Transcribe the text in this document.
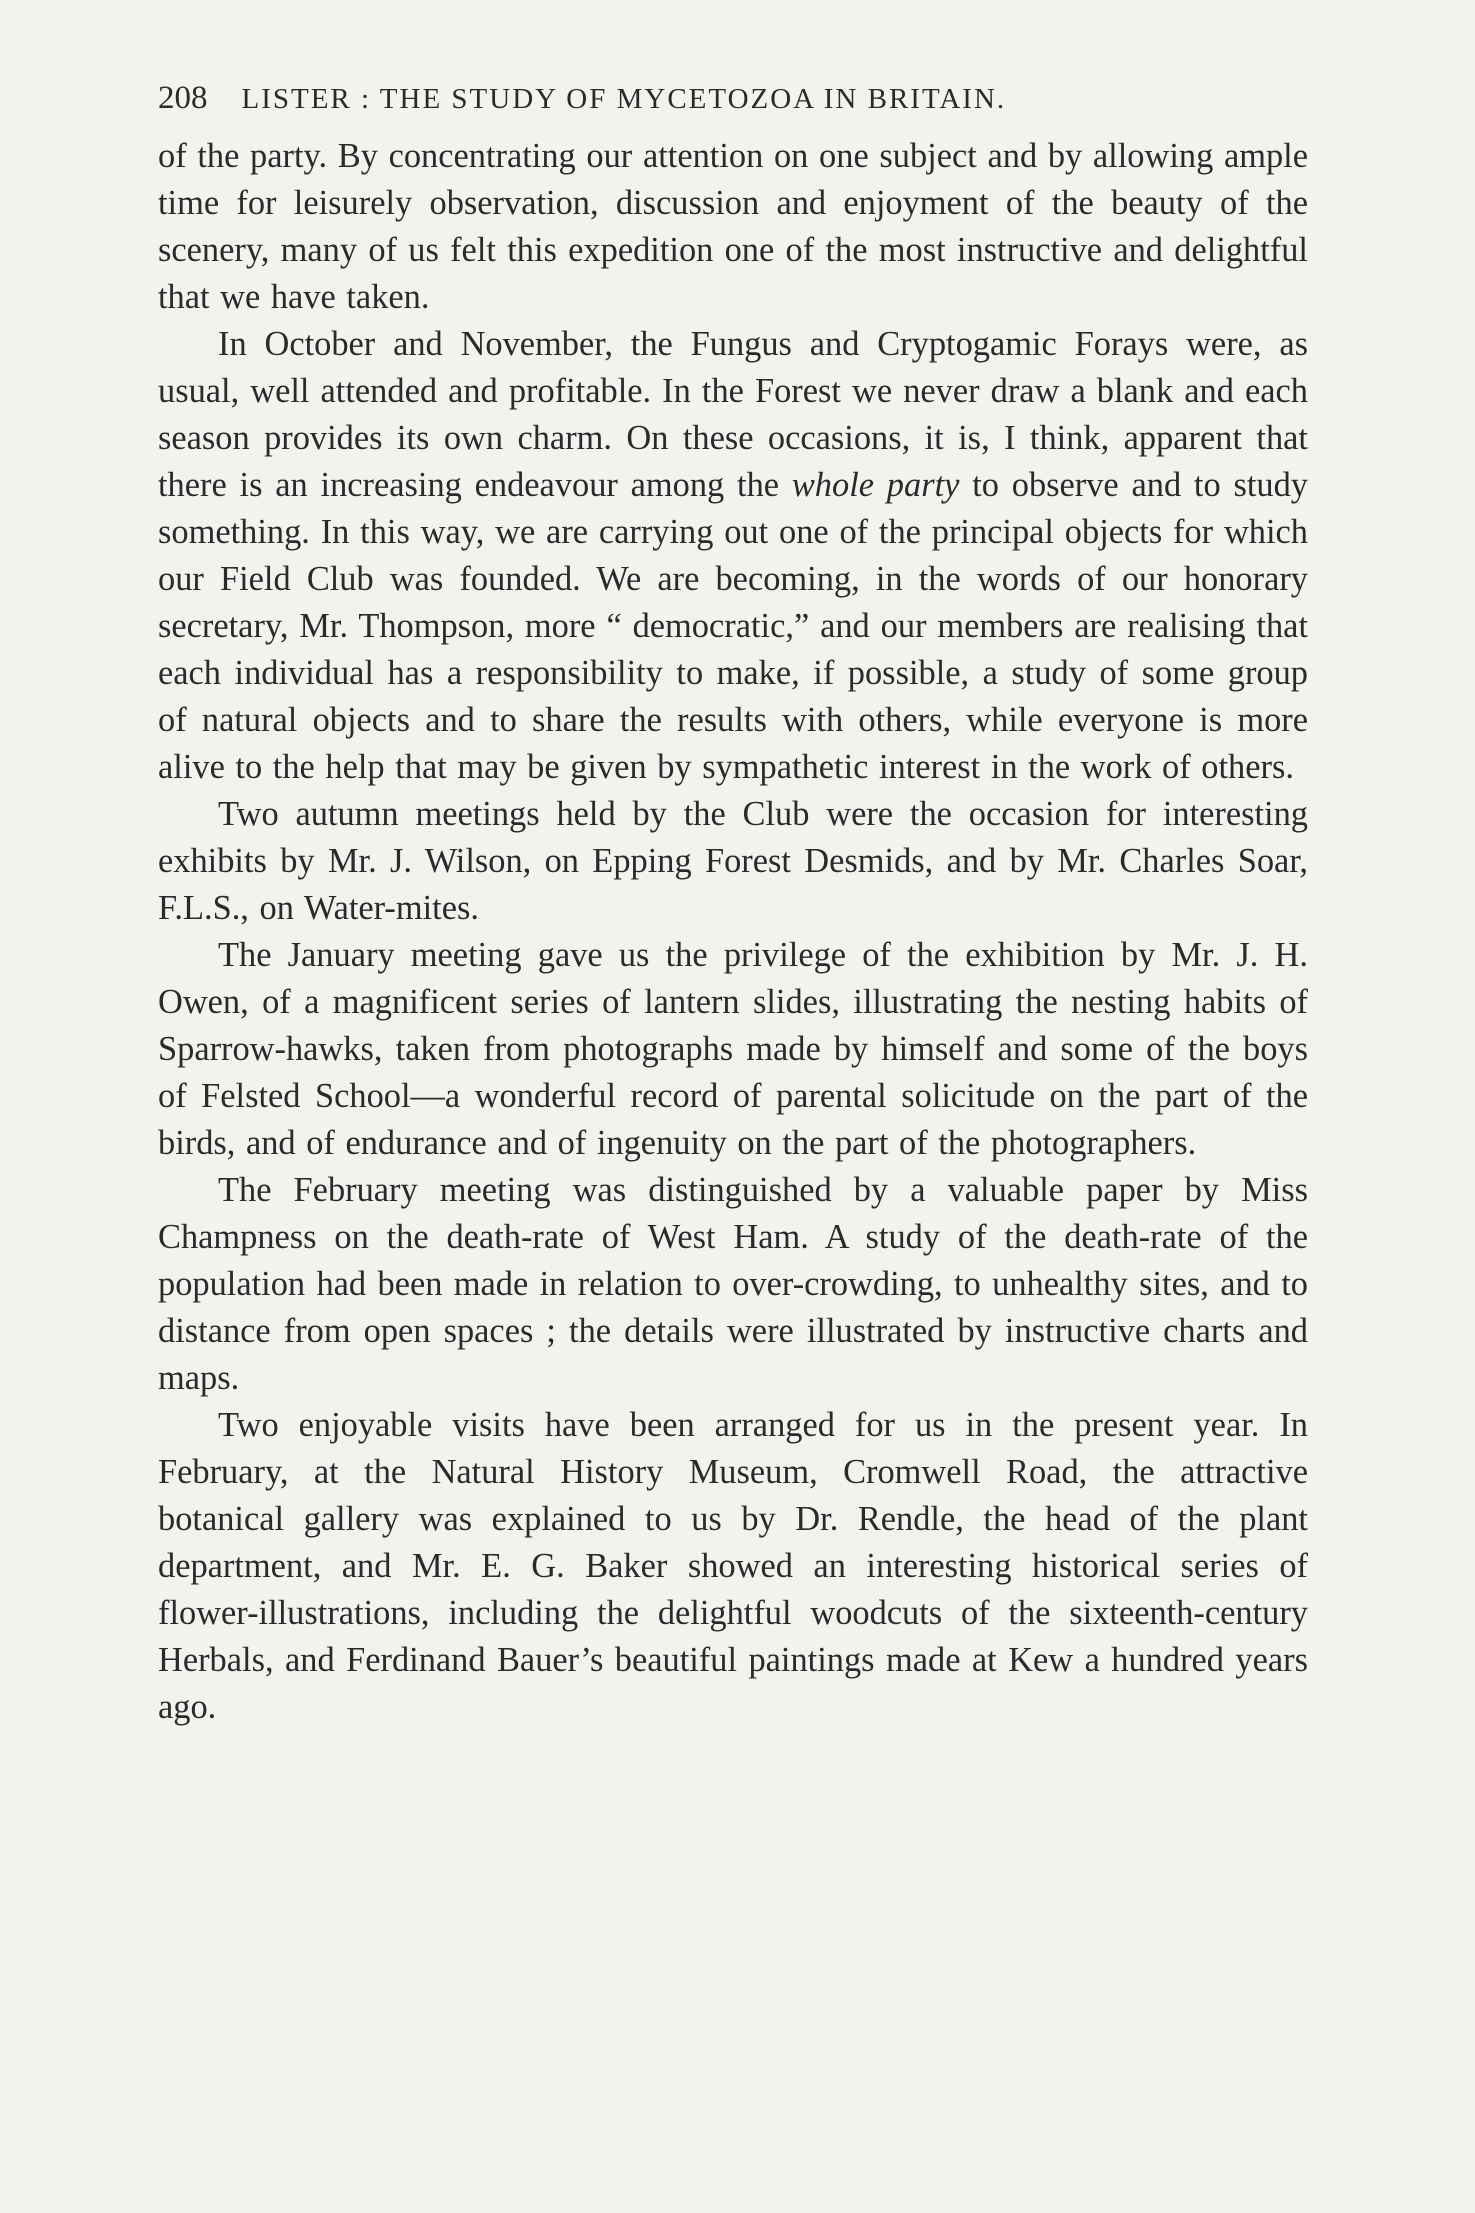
208 LISTER : THE STUDY OF MYCETOZOA IN BRITAIN.

of the party. By concentrating our attention on one subject and by allowing ample time for leisurely observation, discussion and enjoyment of the beauty of the scenery, many of us felt this expedition one of the most instructive and delightful that we have taken.

In October and November, the Fungus and Cryptogamic Forays were, as usual, well attended and profitable. In the Forest we never draw a blank and each season provides its own charm. On these occasions, it is, I think, apparent that there is an increasing endeavour among the whole party to observe and to study something. In this way, we are carrying out one of the principal objects for which our Field Club was founded. We are becoming, in the words of our honorary secretary, Mr. Thompson, more “ democratic,” and our members are realising that each individual has a responsibility to make, if possible, a study of some group of natural objects and to share the results with others, while everyone is more alive to the help that may be given by sympathetic interest in the work of others.

Two autumn meetings held by the Club were the occasion for interesting exhibits by Mr. J. Wilson, on Epping Forest Desmids, and by Mr. Charles Soar, F.L.S., on Water-mites.

The January meeting gave us the privilege of the exhibition by Mr. J. H. Owen, of a magnificent series of lantern slides, illustrating the nesting habits of Sparrow-hawks, taken from photographs made by himself and some of the boys of Felsted School—a wonderful record of parental solicitude on the part of the birds, and of endurance and of ingenuity on the part of the photographers.

The February meeting was distinguished by a valuable paper by Miss Champness on the death-rate of West Ham. A study of the death-rate of the population had been made in relation to over-crowding, to unhealthy sites, and to distance from open spaces ; the details were illustrated by instructive charts and maps.

Two enjoyable visits have been arranged for us in the present year. In February, at the Natural History Museum, Cromwell Road, the attractive botanical gallery was explained to us by Dr. Rendle, the head of the plant department, and Mr. E. G. Baker showed an interesting historical series of flower-illustrations, including the delightful woodcuts of the sixteenth-century Herbals, and Ferdinand Bauer’s beautiful paintings made at Kew a hundred years ago.
